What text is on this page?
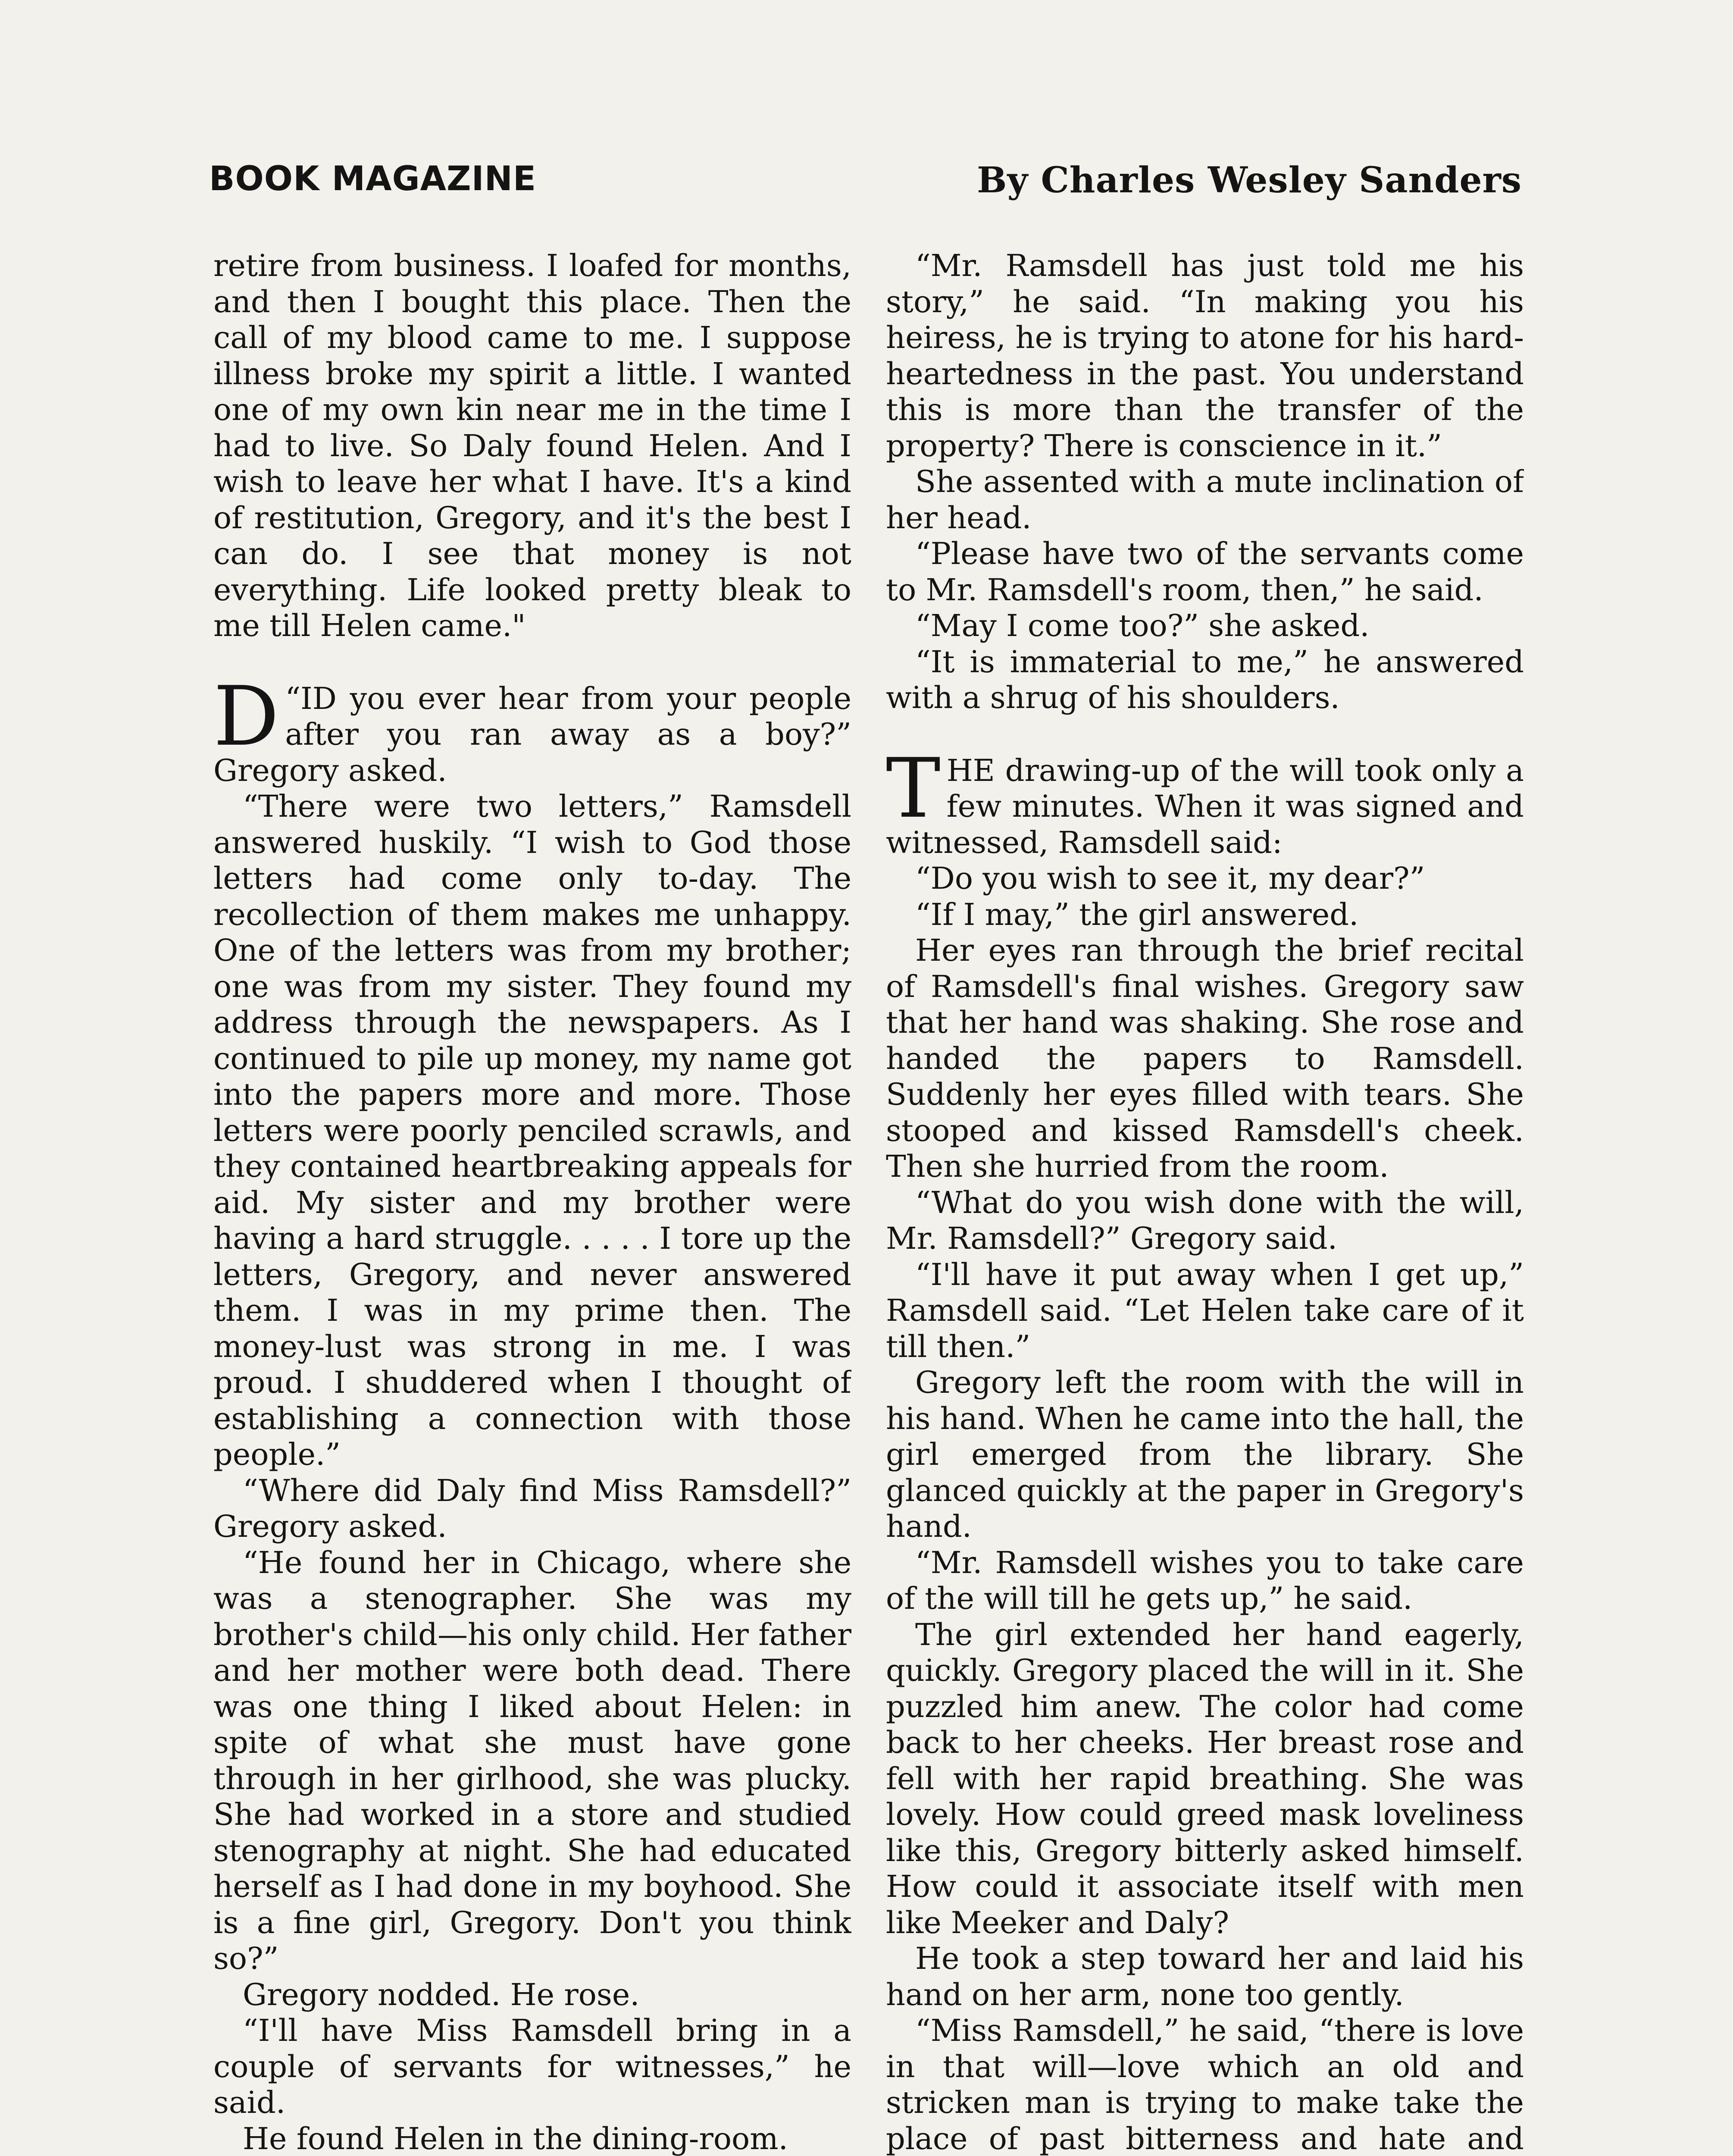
BOOK MAGAZINE	By Charles Wesley Sanders

retire from business. I loafed for months, and then I bought this place. Then the call of my blood came to me. I suppose illness broke my spirit a little. I wanted one of my own kin near me in the time I had to live. So Daly found Helen. And I wish to leave her what I have. It's a kind of restitution, Gregory, and it's the best I can do. I see that money is not everything. Life looked pretty bleak to me till Helen came."

“
D ID you ever hear from your people after you ran away as a boy?” Gregory asked.

“There were two letters,” Ramsdell answered huskily. “I wish to God those letters had come only to-day. The recollection of them makes me unhappy. One of the letters was from my brother; one was from my sister. They found my address through the newspapers. As I continued to pile up money, my name got into the papers more and more. Those letters were poorly penciled scrawls, and they contained heartbreaking appeals for aid. My sister and my brother were having a hard struggle. . . . . I tore up the letters, Gregory, and never answered them. I was in my prime then. The money-lust was strong in me. I was proud. I shuddered when I thought of establishing a connection with those people.”

“Where did Daly find Miss Ramsdell?” Gregory asked.

“He found her in Chicago, where she was a stenographer. She was my brother's child—his only child. Her father and her mother were both dead. There was one thing I liked about Helen: in spite of what she must have gone through in her girlhood, she was plucky. She had worked in a store and studied stenography at night. She had educated herself as I had done in my boyhood. She is a fine girl, Gregory. Don't you think so?”

Gregory nodded. He rose.

“I'll have Miss Ramsdell bring in a couple of servants for witnesses,” he said.

He found Helen in the dining-room.

“Mr. Ramsdell has just told me his story,” he said. “In making you his heiress, he is trying to atone for his hard-heartedness in the past. You understand this is more than the transfer of the property? There is conscience in it.”

She assented with a mute inclination of her head.

“Please have two of the servants come to Mr. Ramsdell's room, then,” he said.

“May I come too?” she asked.

“It is immaterial to me,” he answered with a shrug of his shoulders.

THE drawing-up of the will took only a few minutes. When it was signed and witnessed, Ramsdell said:

“Do you wish to see it, my dear?”

“If I may,” the girl answered.

Her eyes ran through the brief recital of Ramsdell's final wishes. Gregory saw that her hand was shaking. She rose and handed the papers to Ramsdell. Suddenly her eyes filled with tears. She stooped and kissed Ramsdell's cheek. Then she hurried from the room.

“What do you wish done with the will, Mr. Ramsdell?” Gregory said.

“I'll have it put away when I get up,” Ramsdell said. “Let Helen take care of it till then.”

Gregory left the room with the will in his hand. When he came into the hall, the girl emerged from the library. She glanced quickly at the paper in Gregory's hand.

“Mr. Ramsdell wishes you to take care of the will till he gets up,” he said.

The girl extended her hand eagerly, quickly. Gregory placed the will in it. She puzzled him anew. The color had come back to her cheeks. Her breast rose and fell with her rapid breathing. She was lovely. How could greed mask loveliness like this, Gregory bitterly asked himself. How could it associate itself with men like Meeker and Daly?

He took a step toward her and laid his hand on her arm, none too gently.

“Miss Ramsdell,” he said, “there is love in that will—love which an old and stricken man is trying to make take the place of past bitterness and hate and
